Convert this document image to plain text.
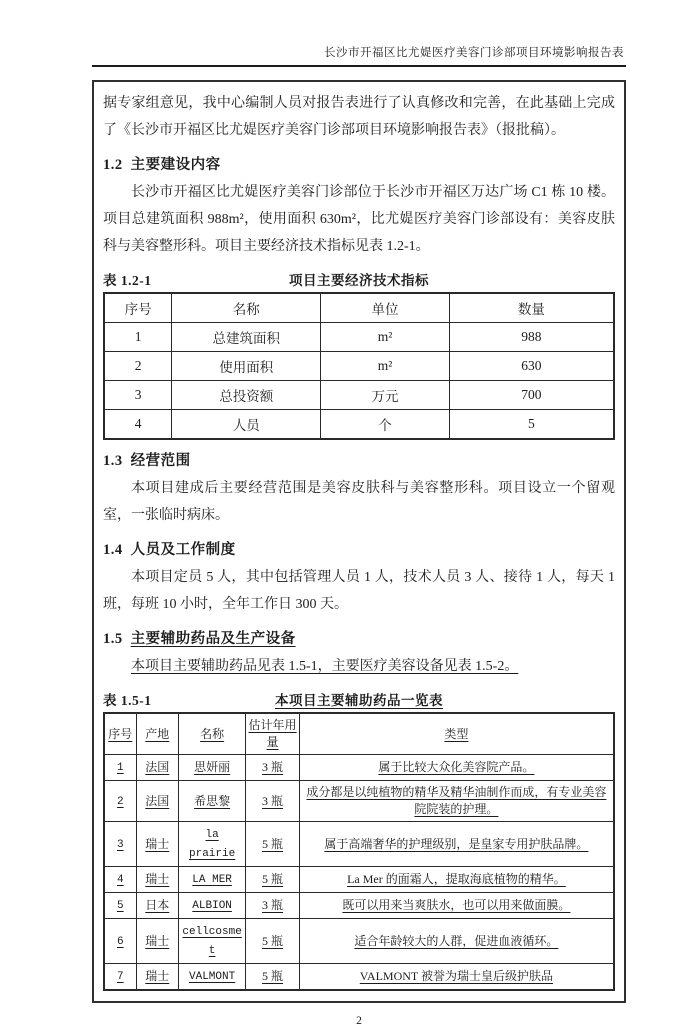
长沙市开福区比尤媞医疗美容门诊部项目环境影响报告表

据专家组意见，我中心编制人员对报告表进行了认真修改和完善，在此基础上完成了《长沙市开福区比尤媞医疗美容门诊部项目环境影响报告表》（报批稿）。

1.2 主要建设内容

长沙市开福区比尤媞医疗美容门诊部位于长沙市开福区万达广场 C1 栋 10 楼。项目总建筑面积 988m²，使用面积 630m²，比尤媞医疗美容门诊部设有：美容皮肤科与美容整形科。项目主要经济技术指标见表 1.2-1。

表 1.2-1	项目主要经济技术指标
序号	名称	单位	数量
1	总建筑面积	m²	988
2	使用面积	m²	630
3	总投资额	万元	700
4	人员	个	5
1.3 经营范围

本项目建成后主要经营范围是美容皮肤科与美容整形科。项目设立一个留观室，一张临时病床。

1.4 人员及工作制度

本项目定员 5 人，其中包括管理人员 1 人，技术人员 3 人、接待 1 人，每天 1 班，每班 10 小时，全年工作日 300 天。

1.5 主要辅助药品及生产设备

本项目主要辅助药品见表 1.5-1，主要医疗美容设备见表 1.5-2。

表 1.5-1	本项目主要辅助药品一览表
序号	产地	名称	估计年用量	类型
1	法国	思妍丽	3 瓶	属于比较大众化美容院产品。
2	法国	希思黎	3 瓶	成分都是以纯植物的精华及精华油制作而成，有专业美容院院装的护理。
3	瑞士	la prairie	5 瓶	属于高端奢华的护理级别，是皇家专用护肤品牌。
4	瑞士	LA MER	5 瓶	La Mer 的面霜人，提取海底植物的精华。
5	日本	ALBION	3 瓶	既可以用来当爽肤水，也可以用来做面膜。
6	瑞士	cellcosmet	5 瓶	适合年龄较大的人群，促进血液循环。
7	瑞士	VALMONT	5 瓶	VALMONT 被誉为瑞士皇后级护肤品
2
